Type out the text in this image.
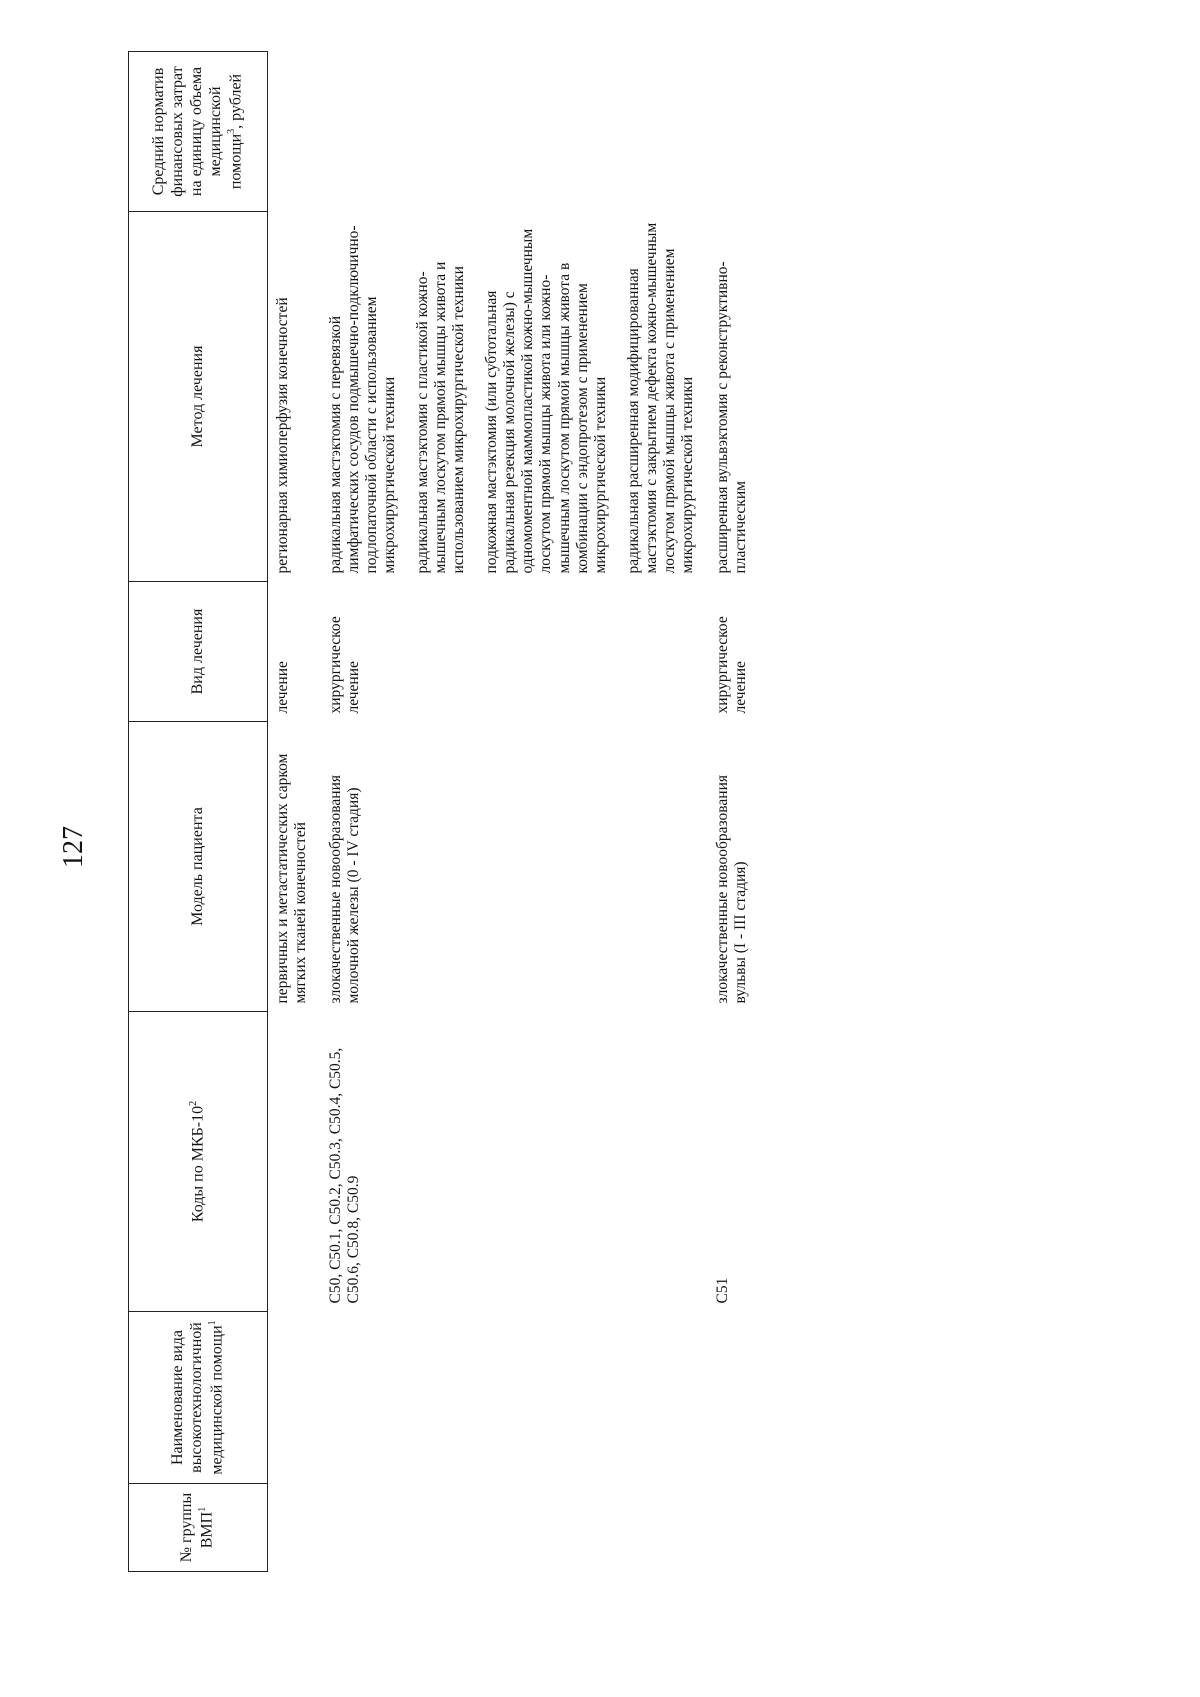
127
№ группы ВМП$^1$	Наименование вида высокотехнологичной медицинской помощи$^1$	Коды по МКБ-$10^2$	Модель пациента	Вид лечения	Метод лечения	Средний норматив финансовых затрат на единицу объема медицинской помощи$^3$, рублей
			первичных и метастатических сарком мягких тканей конечностей	лечение	регионарная химиоперфузия конечностей	

		C50, C50.1, C50.2, C50.3, C50.4, C50.5, C50.6, C50.8, C50.9	злокачественные новообразования молочной железы (0 - IV стадия)	хирургическое лечение	радикальная мастэктомия с перевязкой лимфатических сосудов подмышечно-подключично-подлопаточной области с использованием микрохирургической техники радикальная мастэктомия с пластикой кожно-мышечным лоскутом прямой мышцы живота и использованием микрохирургической техники подкожная мастэктомия (или субтотальная радикальная резекция молочной железы) с одномоментной маммопластикой кожно-мышечным лоскутом прямой мышцы живота или кожно-мышечным лоскутом прямой мышцы живота в комбинации с эндопротезом с применением микрохирургической техники радикальная расширенная модифицированная мастэктомия с закрытием дефекта кожно-мышечным лоскутом прямой мышцы живота с применением микрохирургической техники	

		C51	злокачественные новообразования вульвы (I - III стадия)	хирургическое лечение	расширенная вульвэктомия с реконструктивно-пластическим	
